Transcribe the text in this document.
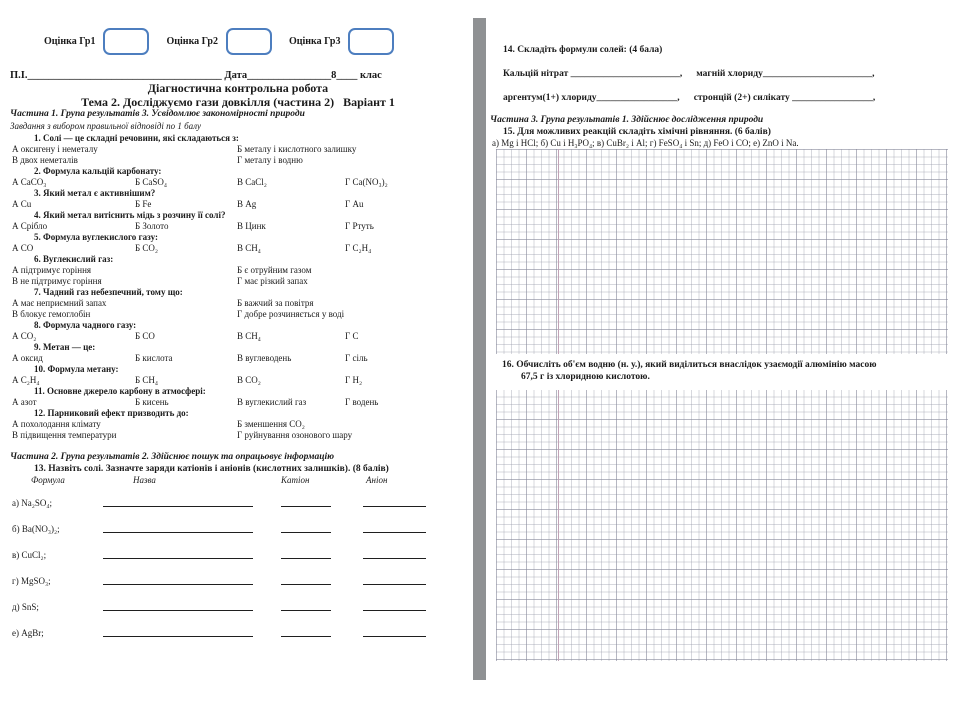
Оцінка Гр1	Оцінка Гр2	Оцінка Гр3
П.І._____________________________________ Дата________________8____ клас
Діагностична контрольна робота
Тема 2. Досліджуємо гази довкілля (частина 2)   Варіант 1
Частина 1. Група результатів 3. Усвідомлює закономірності природи
Завдання з вибором правильної відповіді по 1 балу
1. Солі — це складні речовини, які складаються з:
А оксигену і неметалу	Б металу і кислотного залишку
В двох неметалів	Г металу і водню
2. Формула кальцій карбонату:
А CaCO₃	Б CaSO₄	В CaCl₂	Г Ca(NO₃)₂
3. Який метал є активнішим?
А Cu	Б Fe	В Ag	Г Au
4. Який метал витіснить мідь з розчину її солі?
А Срібло	Б Золото	В Цинк	Г Ртуть
5. Формула вуглекислого газу:
А CO	Б CO₂	В CH₄	Г C₂H₄
6. Вуглекислий газ:
А підтримує горіння	Б є отруйним газом
В не підтримує горіння	Г має різкий запах
7. Чадний газ небезпечний, тому що:
А має неприємний запах	Б важчий за повітря
В блокує гемоглобін	Г добре розчиняється у воді
8. Формула чадного газу:
А CO₂	Б СО	В CH₄	Г C
9. Метан — це:
А оксид	Б кислота	В вуглеводень	Г сіль
10. Формула метану:
А C₂H₄	Б CH₄	В CO₂	Г H₂
11. Основне джерело карбону в атмосфері:
А азот	Б кисень	В вуглекислий газ	Г водень
12. Парниковий ефект призводить до:
А похолодання клімату	Б зменшення CO₂
В підвищення температури	Г руйнування озонового шару
Частина 2. Група результатів 2. Здійснює пошук та опрацьовує інформацію
13. Назвіть солі. Зазначте заряди катіонів і аніонів (кислотних залишків). (8 балів)
Формула	Назва	Катіон	Аніон
а) Na₂SO₄;
б) Ba(NO₃)₂;
в) CuCl₂;
г) MgSO₃;
д) SnS;
е) AgBr;
14. Складіть формули солей: (4 бала)
Кальцій нітрат _______________________, магній хлориду_______________________,
аргентум(1+) хлориду_________________, стронцій (2+) силікату _________________,
Частина 3. Група результатів 1. Здійснює дослідження природи
15. Для можливих реакцій складіть хімічні рівняння. (6 балів)
а) Mg і HCl; б) Cu і H₃PO₄; в) CuBr₂ і Al; г) FeSO₄ і Sn; д) FeO і CO; е) ZnO і Na.
16. Обчисліть об'єм водню (н. у.), який виділиться внаслідок узаємодії алюмінію масою
67,5 г із хлоридною кислотою.
